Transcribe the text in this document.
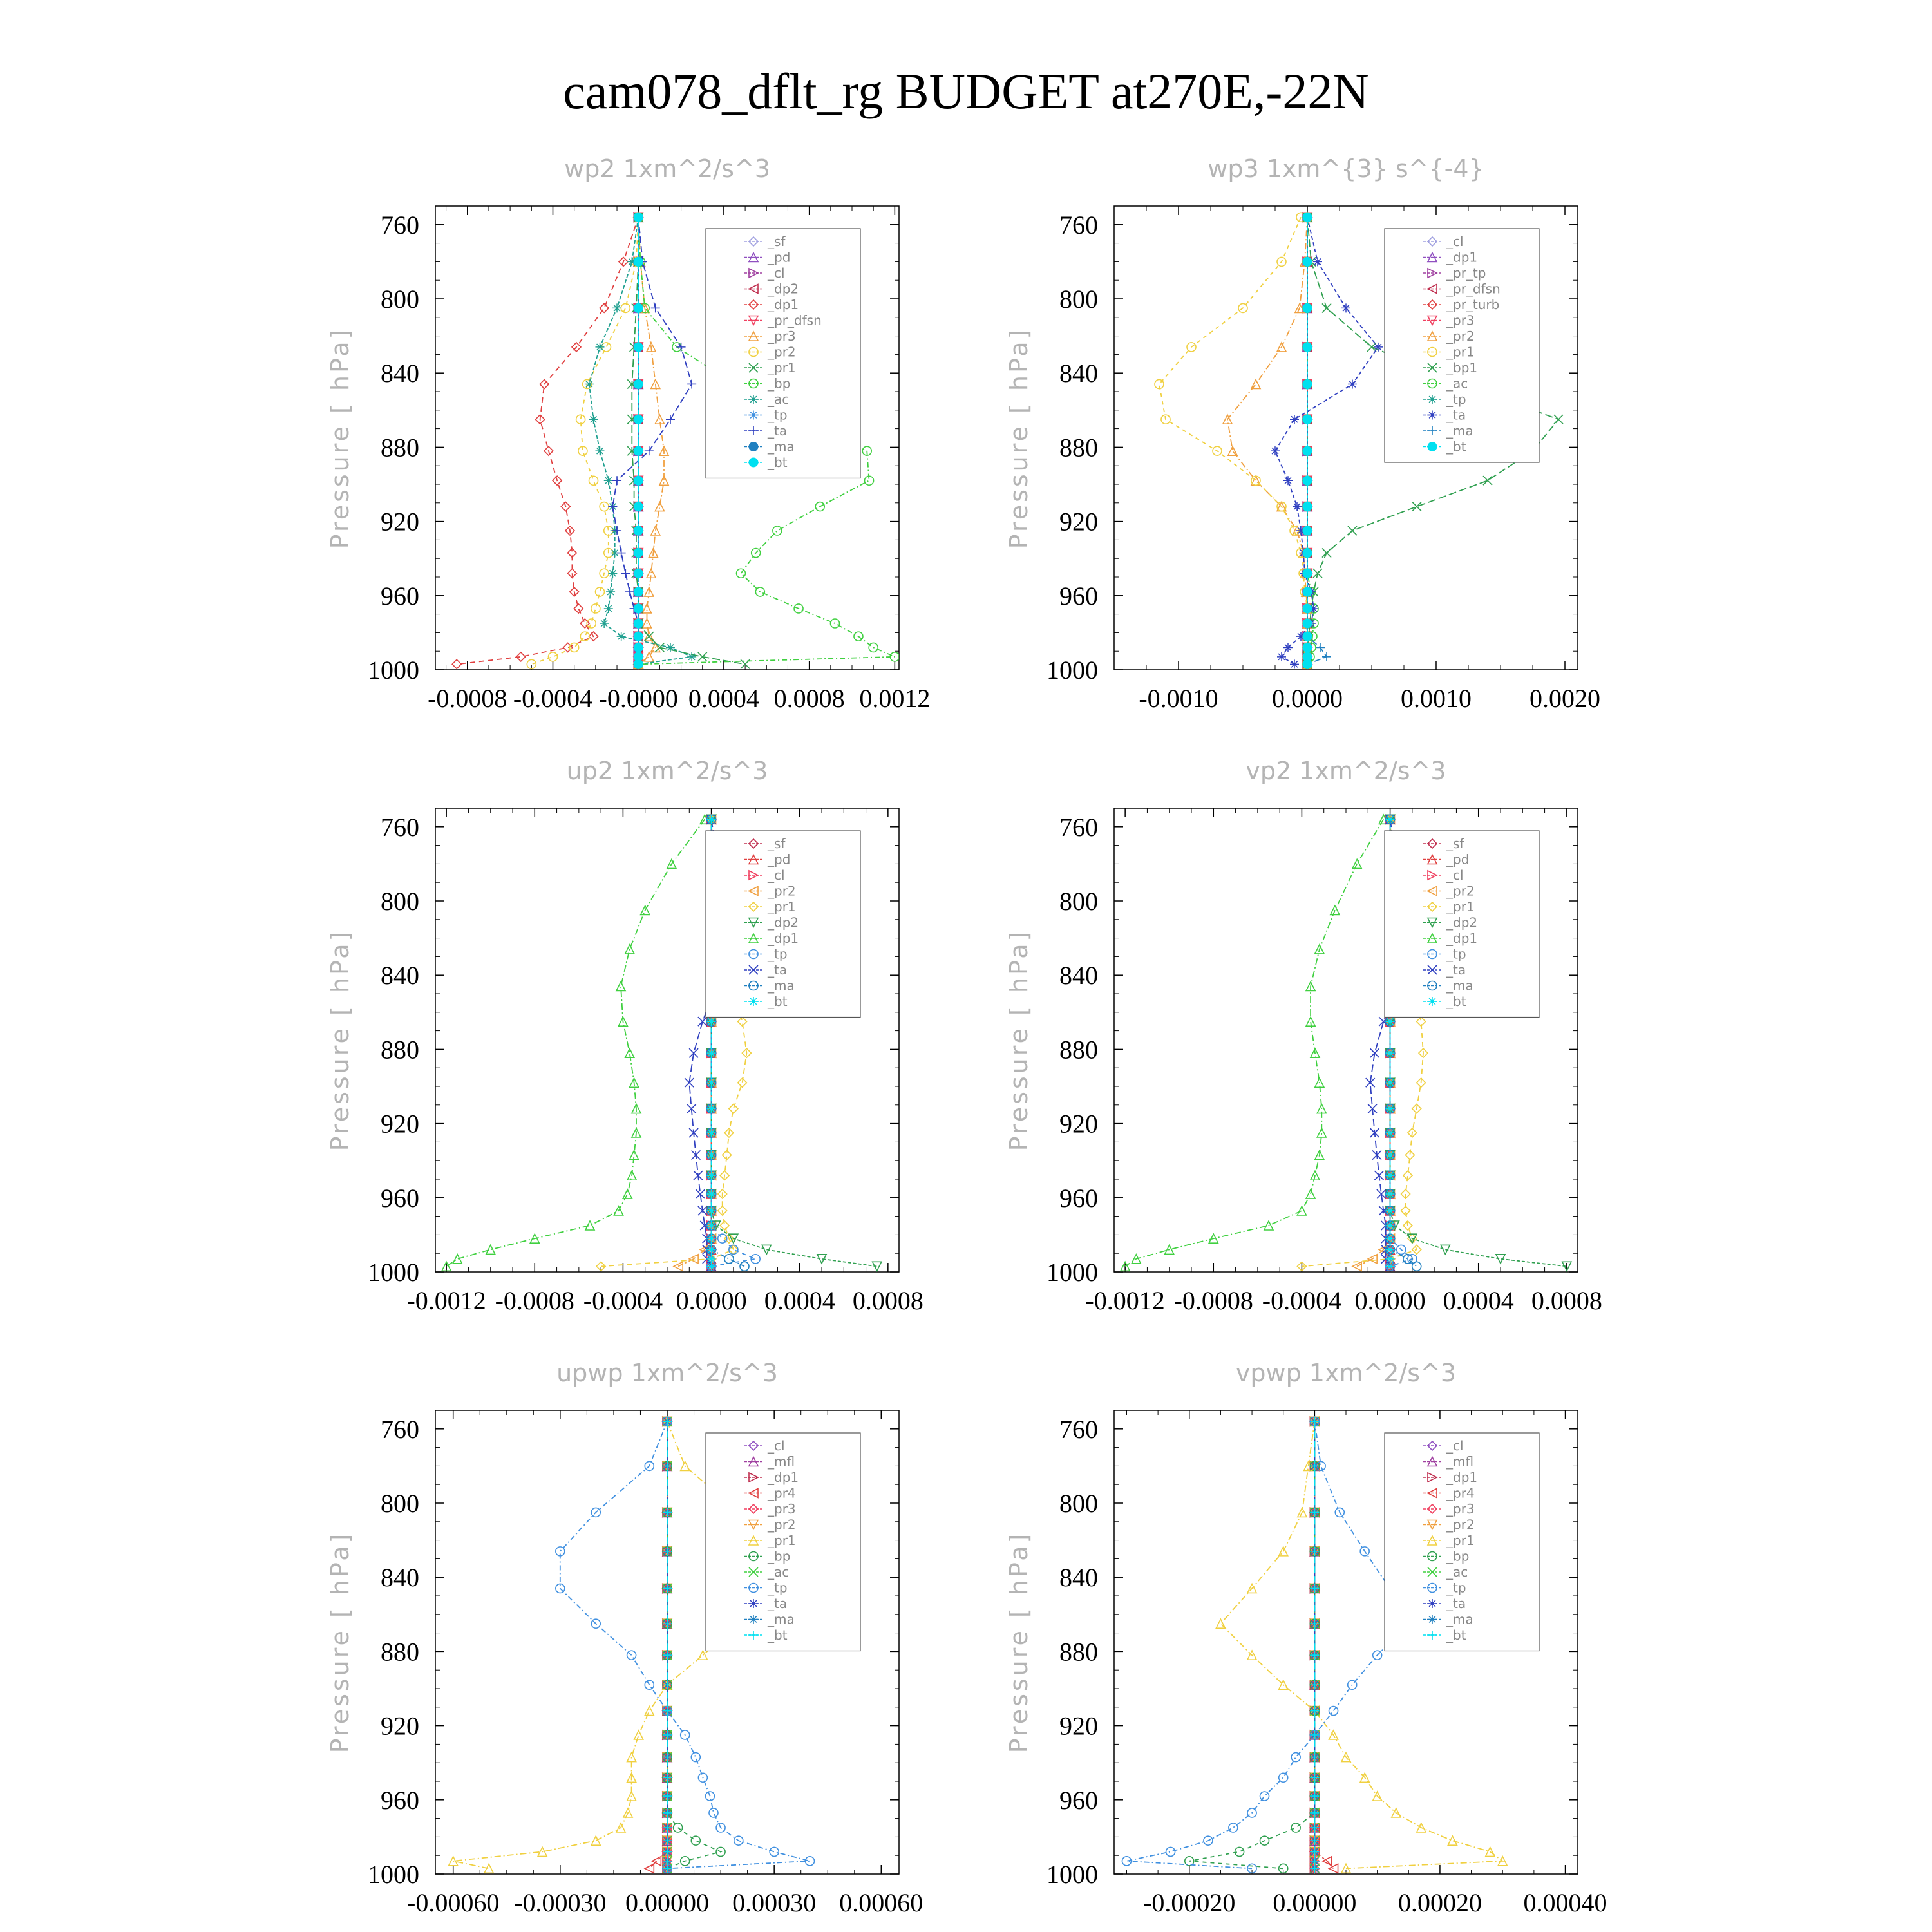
cam078_dflt_rg BUDGET at270E,-22N
wp2 1xm^2/s^3
Pressure [ hPa]
760
800
840
880
920
960
1000
-0.0008 -0.0004 -0.0000 0.0004 0.0008 0.0012
_sf
_pd
_cl
_dp2
_dp1
_pr_dfsn
_pr3
_pr2
_pr1
_bp
_ac
_tp
_ta
_ma
_bt
wp3 1xm^{3} s^{-4}
Pressure [ hPa]
760
800
840
880
920
960
1000
-0.0010 0.0000 0.0010 0.0020
_cl
_dp1
_pr_tp
_pr_dfsn
_pr_turb
_pr3
_pr2
_pr1
_bp1
_ac
_tp
_ta
_ma
_bt
up2 1xm^2/s^3
Pressure [ hPa]
760
800
840
880
920
960
1000
-0.0012 -0.0008 -0.0004 0.0000 0.0004 0.0008
_sf
_pd
_cl
_pr2
_pr1
_dp2
_dp1
_tp
_ta
_ma
_bt
vp2 1xm^2/s^3
Pressure [ hPa]
760
800
840
880
920
960
1000
-0.0012 -0.0008 -0.0004 0.0000 0.0004 0.0008
_sf
_pd
_cl
_pr2
_pr1
_dp2
_dp1
_tp
_ta
_ma
_bt
upwp 1xm^2/s^3
Pressure [ hPa]
760
800
840
880
920
960
1000
-0.00060 -0.00030 0.00000 0.00030 0.00060
_cl
_mfl
_dp1
_pr4
_pr3
_pr2
_pr1
_bp
_ac
_tp
_ta
_ma
_bt
vpwp 1xm^2/s^3
Pressure [ hPa]
760
800
840
880
920
960
1000
-0.00020 0.00000 0.00020 0.00040
_cl
_mfl
_dp1
_pr4
_pr3
_pr2
_pr1
_bp
_ac
_tp
_ta
_ma
_bt
